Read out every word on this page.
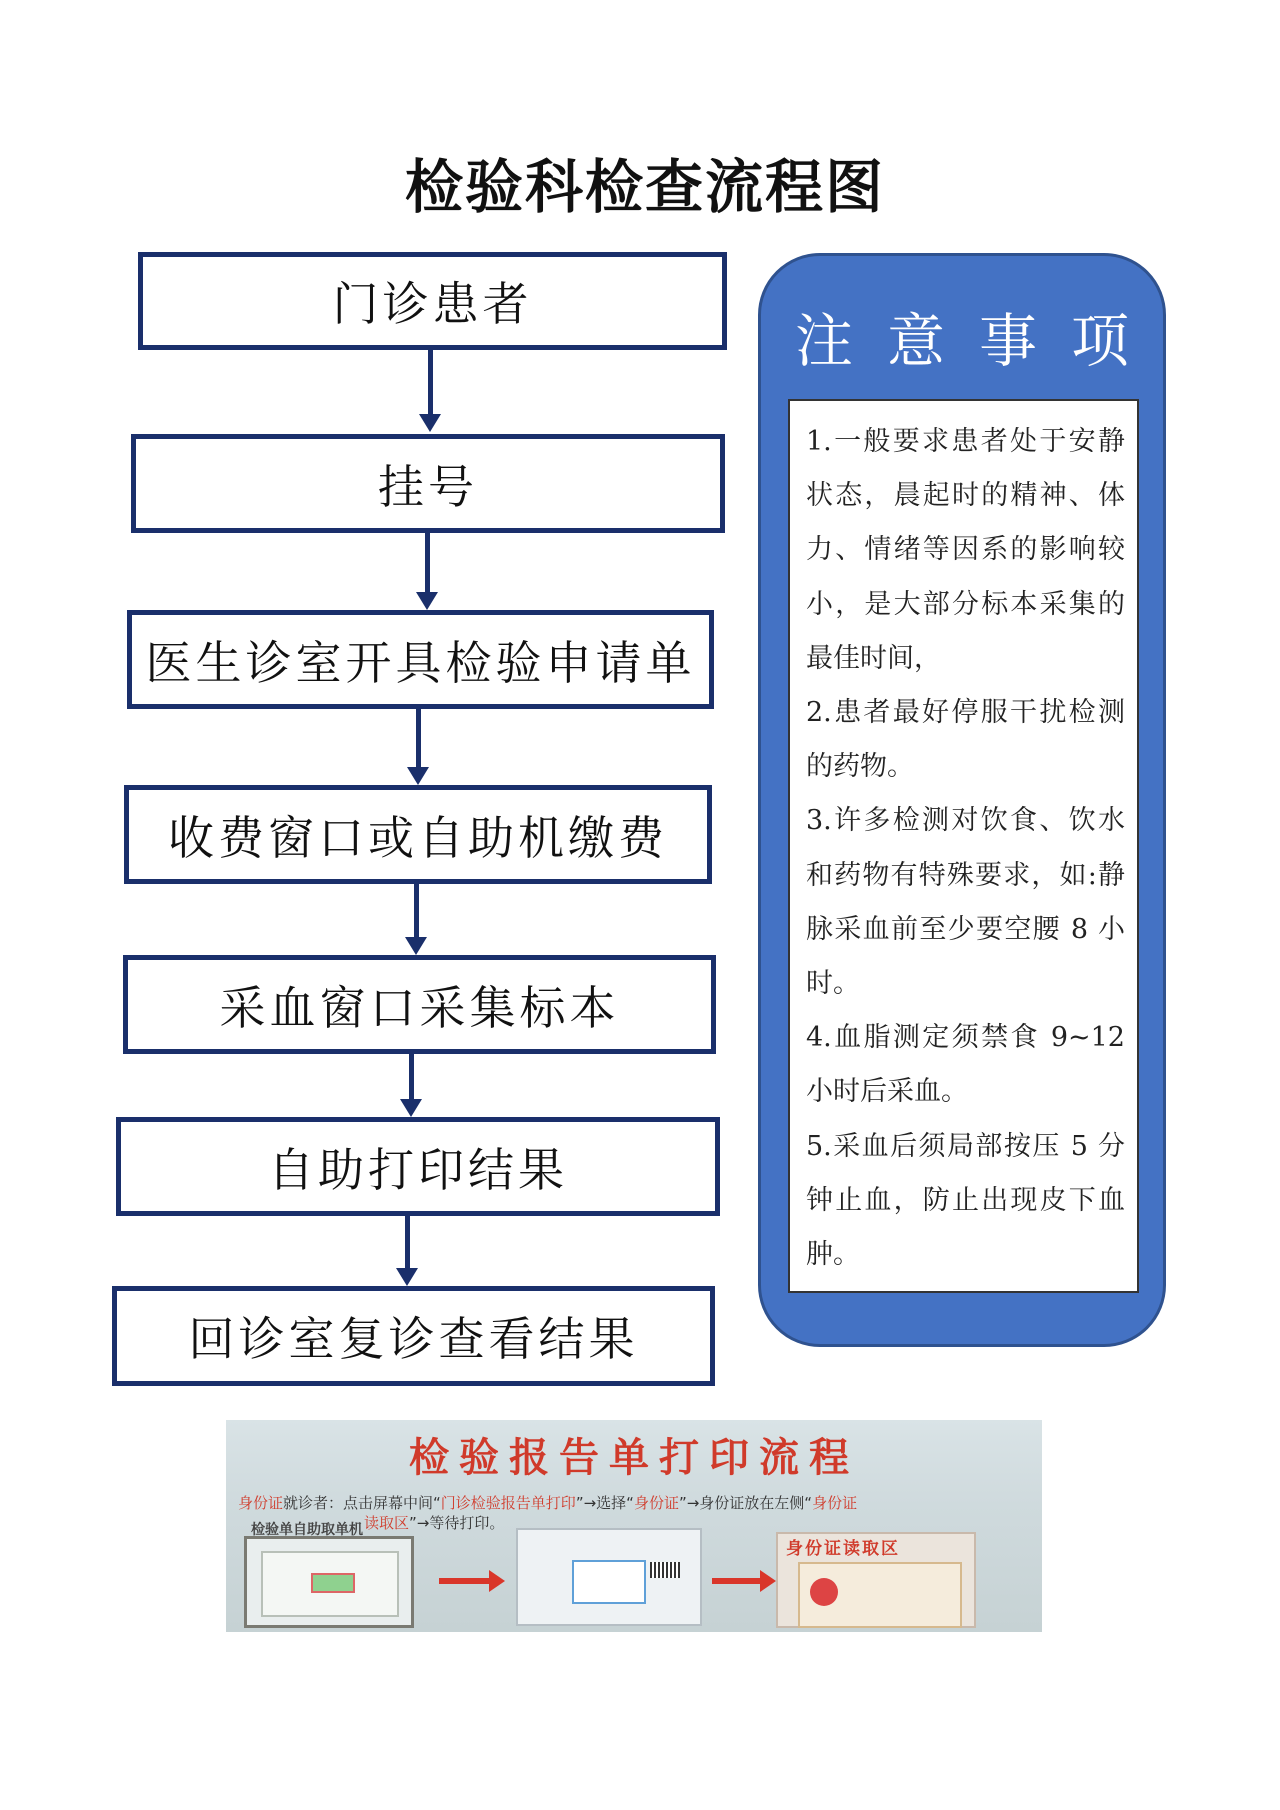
检验科检查流程图
门诊患者
挂号
医生诊室开具检验申请单
收费窗口或自助机缴费
采血窗口采集标本
自助打印结果
回诊室复诊查看结果
注意事项

1.一般要求患者处于安静状态，晨起时的精神、体力、情绪等因系的影响较小，是大部分标本采集的最佳时间，

2.患者最好停服干扰检测的药物。

3.许多检测对饮食、饮水和药物有特殊要求，如:静脉采血前至少要空腰 8 小时。

4.血脂测定须禁食 9~12 小时后采血。

5.采血后须局部按压 5 分钟止血，防止出现皮下血肿。

检验报告单打印流程
身份证就诊者：点击屏幕中间“门诊检验报告单打印”→选择“身份证”→身份证放在左侧“身份证
读取区”→等待打印。
检验单自助取单机
身份证读取区
